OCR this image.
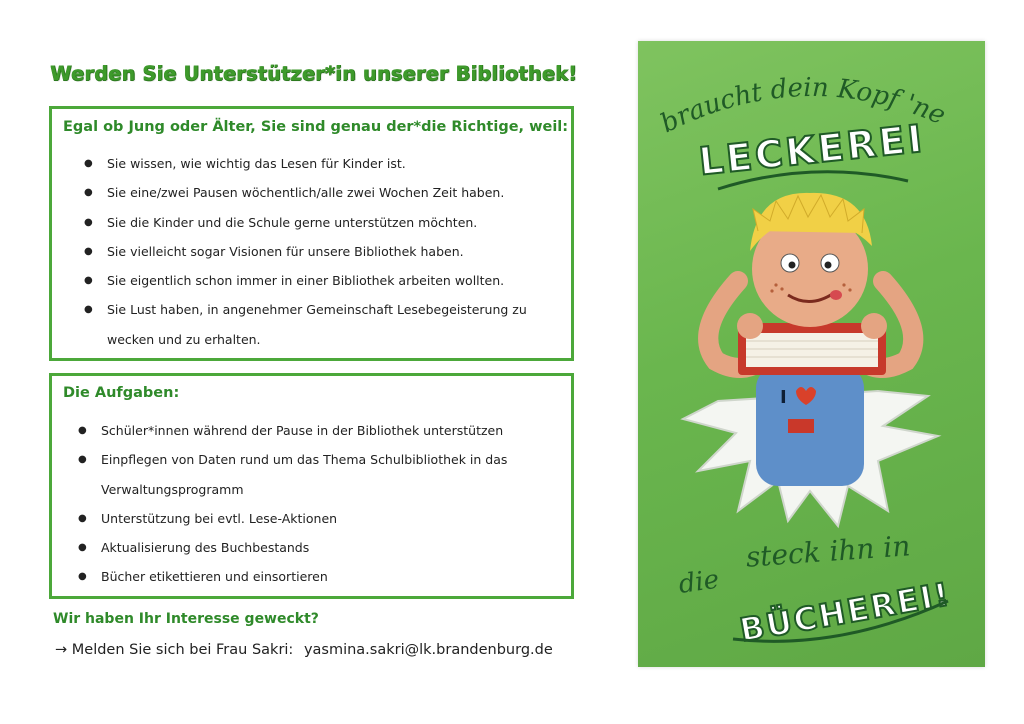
Werden Sie Unterstützer*in unserer Bibliothek!
Egal ob Jung oder Älter, Sie sind genau der*die Richtige, weil:
● Sie wissen, wie wichtig das Lesen für Kinder ist.
● Sie eine/zwei Pausen wöchentlich/alle zwei Wochen Zeit haben.
● Sie die Kinder und die Schule gerne unterstützen möchten.
● Sie vielleicht sogar Visionen für unsere Bibliothek haben.
● Sie eigentlich schon immer in einer Bibliothek arbeiten wollten.
● Sie Lust haben, in angenehmer Gemeinschaft Lesebegeisterung zu
wecken und zu erhalten.
Die Aufgaben:
● Schüler*innen während der Pause in der Bibliothek unterstützen
● Einpflegen von Daten rund um das Thema Schulbibliothek in das
Verwaltungsprogramm
● Unterstützung bei evtl. Lese-Aktionen
● Aktualisierung des Buchbestands
● Bücher etikettieren und einsortieren
Wir haben Ihr Interesse geweckt?
→ Melden Sie sich bei Frau Sakri: yasmina.sakri@lk.brandenburg.de
braucht dein Kopf 'ne
LECKEREI
I
steck ihn in
die BÜCHEREI!
